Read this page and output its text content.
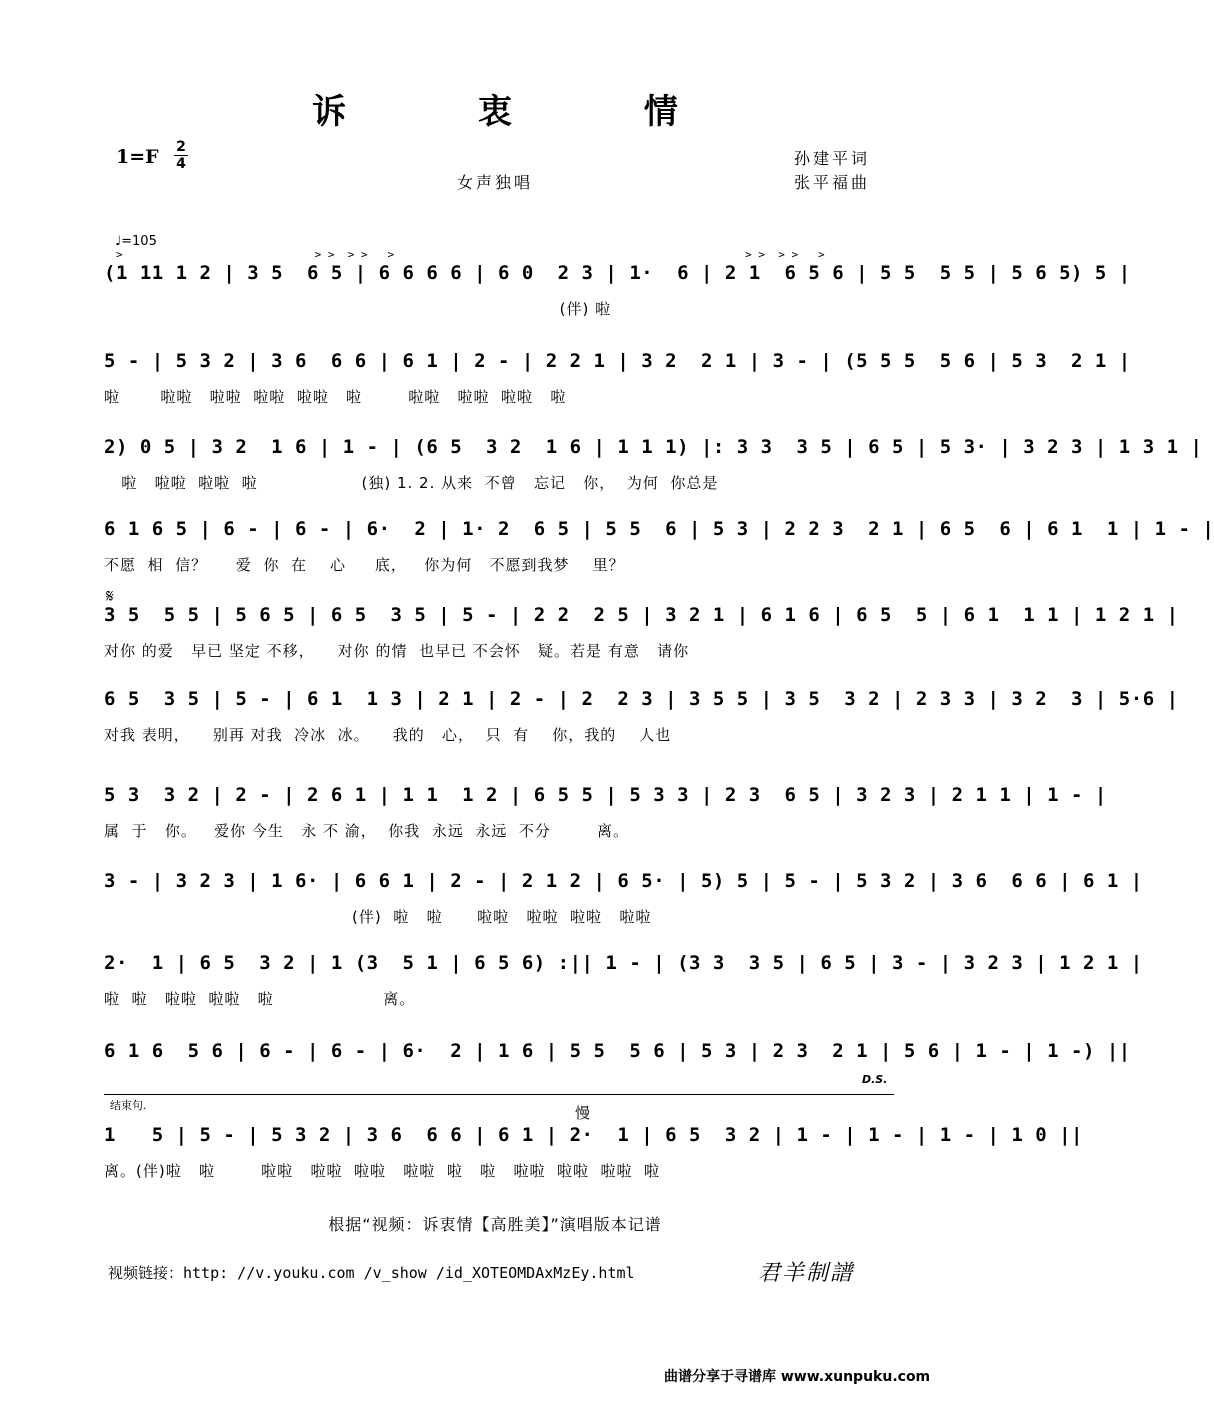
诉 衷 情
1=F 2
4
女声独唱
孙建平词
张平福曲
♩=105
>                             > >  > >   >                                                     > >  > >   >
𝄋
(1 11 1 2 | 3 5  6 5 | 6 6 6 6 | 6 0  2 3 | 1·  6 | 2 1  6 5 6 | 5 5  5 5 | 5 6 5) 5 |
(伴) 啦
5 - | 5 3 2 | 3 6  6 6 | 6 1 | 2 - | 2 2 1 | 3 2  2 1 | 3 - | (5 5 5  5 6 | 5 3  2 1 |
啦       啦啦   啦啦  啦啦  啦啦   啦        啦啦   啦啦  啦啦   啦
2) 0 5 | 3 2  1 6 | 1 - | (6 5  3 2  1 6 | 1 1 1) |: 3 3  3 5 | 6 5 | 5 3· | 3 2 3 | 1 3 1 |
啦   啦啦  啦啦  啦                  (独) 1. 2. 从来  不曾   忘记   你，  为何  你总是
6 1 6 5 | 6 - | 6 - | 6·  2 | 1· 2  6 5 | 5 5  6 | 5 3 | 2 2 3  2 1 | 6 5  6 | 6 1  1 | 1 - |
不愿  相  信？     爱  你  在    心     底，   你为何   不愿到我梦    里？
3 5  5 5 | 5 6 5 | 6 5  3 5 | 5 - | 2 2  2 5 | 3 2 1 | 6 1 6 | 6 5  5 | 6 1  1 1 | 1 2 1 |
对你 的爱   早已 坚定 不移，    对你 的情  也早已 不会怀   疑。若是 有意   请你
6 5  3 5 | 5 - | 6 1  1 3 | 2 1 | 2 - | 2  2 3 | 3 5 5 | 3 5  3 2 | 2 3 3 | 3 2  3 | 5·6 |
对我 表明，    别再 对我  冷冰  冰。    我的   心，  只  有    你，我的    人也
5 3  3 2 | 2 - | 2 6 1 | 1 1  1 2 | 6 5 5 | 5 3 3 | 2 3  6 5 | 3 2 3 | 2 1 1 | 1 - |
属  于   你。   爱你 今生   永 不 渝，  你我  永远  永远  不分        离。
3 - | 3 2 3 | 1 6· | 6 6 1 | 2 - | 2 1 2 | 6 5· | 5) 5 | 5 - | 5 3 2 | 3 6  6 6 | 6 1 |
(伴)  啦   啦      啦啦   啦啦  啦啦   啦啦
2·  1 | 6 5  3 2 | 1 (3  5 1 | 6 5 6) :|| 1 - | (3 3  3 5 | 6 5 | 3 - | 3 2 3 | 1 2 1 |
啦  啦   啦啦  啦啦   啦                   离。
6 1 6  5 6 | 6 - | 6 - | 6·  2 | 1 6 | 5 5  5 6 | 5 3 | 2 3  2 1 | 5 6 | 1 - | 1 -) ||
1   5 | 5 - | 5 3 2 | 3 6  6 6 | 6 1 | 2·  1 | 6 5  3 2 | 1 - | 1 - | 1 - | 1 0 ||
离。(伴)啦   啦        啦啦   啦啦  啦啦   啦啦  啦   啦   啦啦  啦啦  啦啦  啦
结束句.
D.S.
慢
根据“视频：诉衷情【高胜美】”演唱版本记谱
视频链接：http: //v.youku.com /v_show /id_XOTEOMDAxMzEy.html	君羊制譜
曲谱分享于寻谱库 www.xunpuku.com
